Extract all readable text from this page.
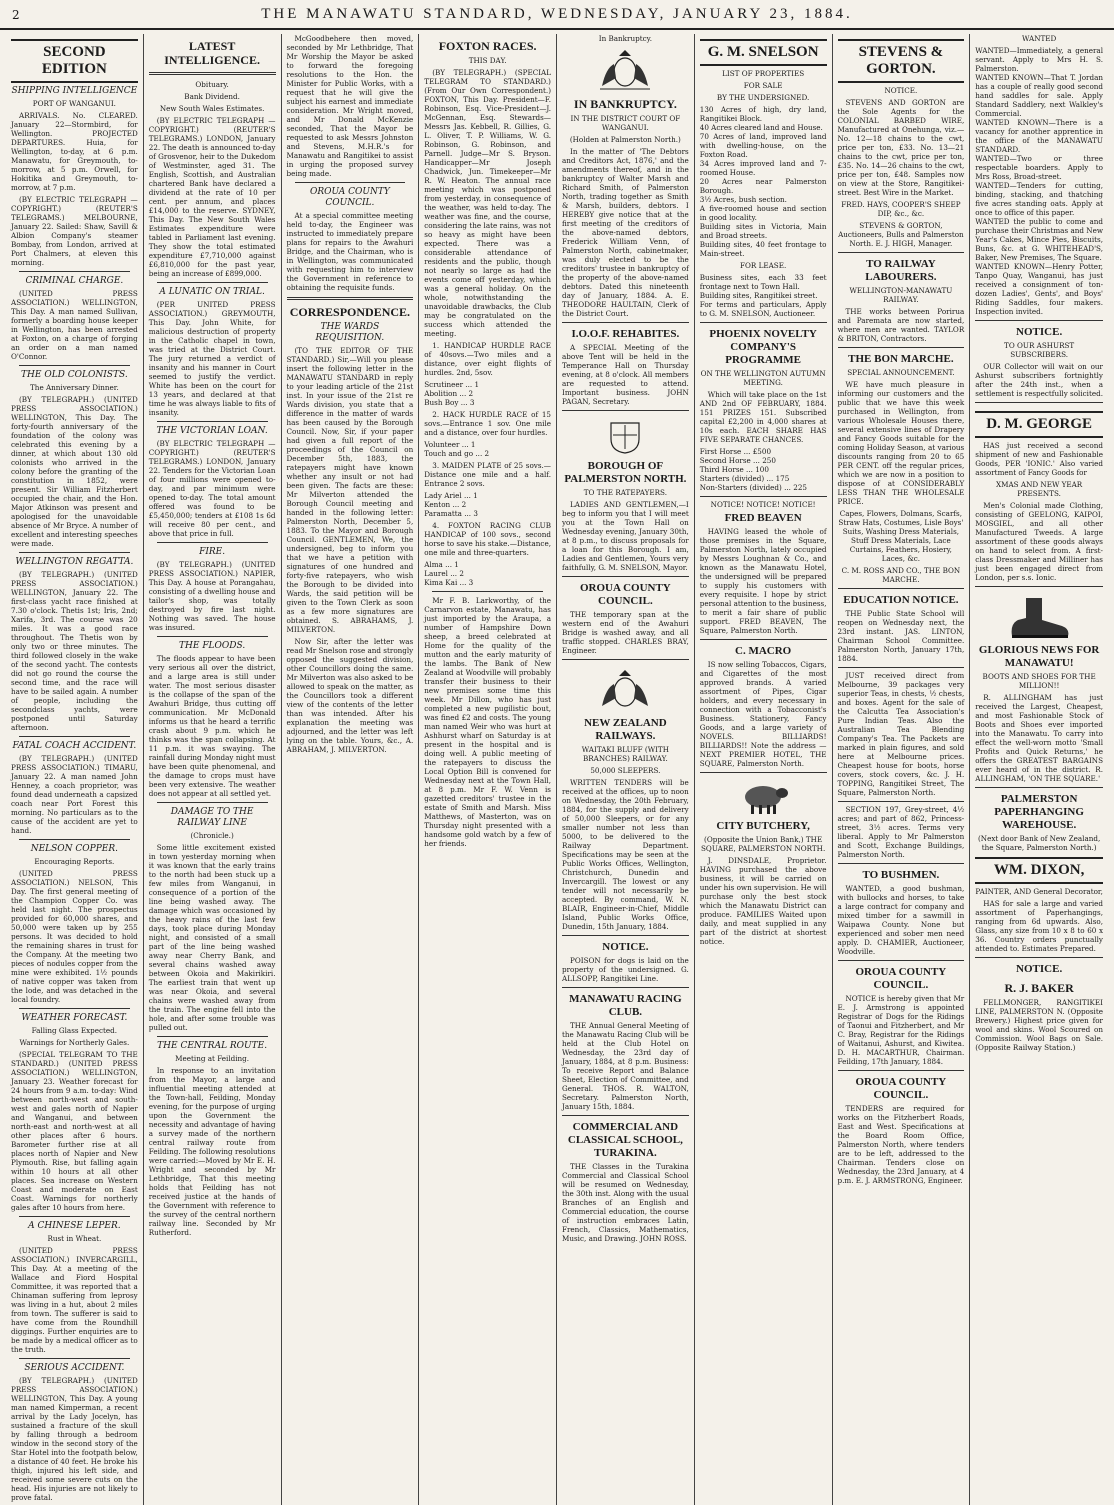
2	THE MANAWATU STANDARD, WEDNESDAY, JANUARY 23, 1884.
SECOND EDITION
SHIPPING INTELLIGENCE

PORT OF WANGANUI.

ARRIVALS. No. CLEARED. January 22—Stormbird, for Wellington. PROJECTED DEPARTURES. Huia, for Wellington, to-day, at 6 p.m. Manawatu, for Greymouth, to-morrow, at 5 p.m. Orwell, for Hokitika and Greymouth, to-morrow, at 7 p.m.

(BY ELECTRIC TELEGRAPH — COPYRIGHT.) (REUTER'S TELEGRAMS.) MELBOURNE, January 22. Sailed: Shaw, Savill & Albion Company's steamer Bombay, from London, arrived at Port Chalmers, at eleven this morning.

CRIMINAL CHARGE.

(UNITED PRESS ASSOCIATION.) WELLINGTON, This Day. A man named Sullivan, formerly a boarding house keeper in Wellington, has been arrested at Foxton, on a charge of forging an order on a man named O'Connor.

THE OLD COLONISTS.

The Anniversary Dinner.

(BY TELEGRAPH.) (UNITED PRESS ASSOCIATION.) WELLINGTON, This Day. The forty-fourth anniversary of the foundation of the colony was celebrated this evening by a dinner, at which about 130 old colonists who arrived in the colony before the granting of the constitution in 1852, were present. Sir William Fitzherbert occupied the chair, and the Hon. Major Atkinson was present and apologised for the unavoidable absence of Mr Bryce. A number of excellent and interesting speeches were made.

WELLINGTON REGATTA.

(BY TELEGRAPH.) (UNITED PRESS ASSOCIATION.) WELLINGTON, January 22. The first-class yacht race finished at 7.30 o'clock. Thetis 1st; Iris, 2nd; Xarifa, 3rd. The course was 20 miles. It was a good race throughout. The Thetis won by only two or three minutes. The third followed closely in the wake of the second yacht. The contests did not go round the course the second time, and the race will have to be sailed again. A number of people, including the secondclass yachts, were postponed until Saturday afternoon.

FATAL COACH ACCIDENT.

(BY TELEGRAPH.) (UNITED PRESS ASSOCIATION.) TIMARU, January 22. A man named John Henney, a coach proprietor, was found dead underneath a capsized coach near Port Forest this morning. No particulars as to the cause of the accident are yet to hand.

NELSON COPPER.

Encouraging Reports.

(UNITED PRESS ASSOCIATION.) NELSON, This Day. The first general meeting of the Champion Copper Co. was held last night. The prospectus provided for 60,000 shares, and 50,000 were taken up by 255 persons. It was decided to hold the remaining shares in trust for the Company. At the meeting two pieces of nodules copper from the mine were exhibited. 1½ pounds of native copper was taken from the lode, and was detached in the local foundry.

WEATHER FORECAST.

Falling Glass Expected.

Warnings for Northerly Gales.

(SPECIAL TELEGRAM TO THE STANDARD.) (UNITED PRESS ASSOCIATION.) WELLINGTON, January 23. Weather forecast for 24 hours from 9 a.m. to-day: Wind between north-west and south-west and gales north of Napier and Wanganui, and between north-east and north-west at all other places after 6 hours. Barometer further rise at all places north of Napier and New Plymouth. Rise, but falling again within 10 hours at all other places. Sea increase on Western Coast and moderate on East Coast. Warnings for northerly gales after 10 hours from here.

A CHINESE LEPER.

Rust in Wheat.

(UNITED PRESS ASSOCIATION.) INVERCARGILL, This Day. At a meeting of the Wallace and Fiord Hospital Committee, it was reported that a Chinaman suffering from leprosy was living in a hut, about 2 miles from town. The sufferer is said to have come from the Roundhill diggings. Further enquiries are to be made by a medical officer as to the truth.

SERIOUS ACCIDENT.

(BY TELEGRAPH.) (UNITED PRESS ASSOCIATION.) WELLINGTON, This Day. A young man named Kimperman, a recent arrival by the Lady Jocelyn, has sustained a fracture of the skull by falling through a bedroom window in the second story of the Star Hotel into the footpath below, a distance of 40 feet. He broke his thigh, injured his left side, and received some severe cuts on the head. His injuries are not likely to prove fatal.

LATEST INTELLIGENCE.

Obituary.

Bank Dividend.

New South Wales Estimates.

(BY ELECTRIC TELEGRAPH — COPYRIGHT.) (REUTER'S TELEGRAMS.) LONDON, January 22. The death is announced to-day of Grosvenor, heir to the Dukedom of Westminster, aged 31. The English, Scottish, and Australian chartered Bank have declared a dividend at the rate of 10 per cent. per annum, and places £14,000 to the reserve. SYDNEY, This Day. The New South Wales Estimates expenditure were tabled in Parliament last evening. They show the total estimated expenditure £7,710,000 against £6,810,000 for the past year, being an increase of £899,000.

A LUNATIC ON TRIAL.

(PER UNITED PRESS ASSOCIATION.) GREYMOUTH, This Day. John White, for malicious destruction of property in the Catholic chapel in town, was tried at the District Court. The jury returned a verdict of insanity and his manner in Court seemed to justify the verdict. White has been on the court for 13 years, and declared at that time he was always liable to fits of insanity.

THE VICTORIAN LOAN.

(BY ELECTRIC TELEGRAPH — COPYRIGHT.) (REUTER'S TELEGRAMS.) LONDON, January 22. Tenders for the Victorian Loan of four millions were opened to-day, and par minimum were opened to-day. The total amount offered was found to be £5,450,000; tenders at £108 1s 6d will receive 80 per cent., and above that price in full.

FIRE.

(BY TELEGRAPH.) (UNITED PRESS ASSOCIATION.) NAPIER, This Day. A house at Porangahau, consisting of a dwelling house and tailor's shop, was totally destroyed by fire last night. Nothing was saved. The house was insured.

THE FLOODS.

The floods appear to have been very serious all over the district, and a large area is still under water. The most serious disaster is the collapse of the span of the Awahuri Bridge, thus cutting off communication. Mr McDonald informs us that he heard a terrific crash about 9 p.m. which he thinks was the span collapsing. At 11 p.m. it was swaying. The rainfall during Monday night must have been quite phenomenal, and the damage to crops must have been very extensive. The weather does not appear at all settled yet.

DAMAGE TO THE RAILWAY LINE

(Chronicle.)

Some little excitement existed in town yesterday morning when it was known that the early trains to the north had been stuck up a few miles from Wanganui, in consequence of a portion of the line being washed away. The damage which was occasioned by the heavy rains of the last few days, took place during Monday night, and consisted of a small part of the line being washed away near Cherry Bank, and several chains washed away between Okoia and Makirikiri. The earliest train that went up was near Okoia, and several chains were washed away from the train. The engine fell into the hole, and after some trouble was pulled out.

THE CENTRAL ROUTE.

Meeting at Feilding.

In response to an invitation from the Mayor, a large and influential meeting attended at the Town-hall, Feilding, Monday evening, for the purpose of urging upon the Government the necessity and advantage of having a survey made of the northern central railway route from Feilding. The following resolutions were carried:—Moved by Mr E. H. Wright and seconded by Mr Lethbridge, That this meeting holds that Feilding has not received justice at the hands of the Government with reference to the survey of the central northern railway line. Seconded by Mr Rutherford.

McGoodbehere then moved, seconded by Mr Lethbridge, That Mr Worship the Mayor be asked to forward the foregoing resolutions to the Hon. the Minister for Public Works, with a request that he will give the subject his earnest and immediate consideration. Mr Wright moved, and Mr Donald McKenzie seconded, That the Mayor be requested to ask Messrs Johnston and Stevens, M.H.R.'s for Manawatu and Rangitikei to assist in urging the proposed survey being made.

OROUA COUNTY COUNCIL.

At a special committee meeting held to-day, the Engineer was instructed to immediately prepare plans for repairs to the Awahuri Bridge, and the Chairman, who is in Wellington, was communicated with requesting him to interview the Government in reference to obtaining the requisite funds.

CORRESPONDENCE.
THE WARDS REQUISITION.

(TO THE EDITOR OF THE STANDARD.) Sir,—Will you please insert the following letter in the MANAWATU STANDARD in reply to your leading article of the 21st inst. In your issue of the 21st re Wards division, you state that a difference in the matter of wards has been caused by the Borough Council. Now, Sir, if your paper had given a full report of the proceedings of the Council on December 5th, 1883, the ratepayers might have known whether any insult or not had been given. The facts are these: Mr Milverton attended the Borough Council meeting and handed in the following letter: Palmerston North, December 5, 1883. To the Mayor and Borough Council. GENTLEMEN, We, the undersigned, beg to inform you that we have a petition with signatures of one hundred and forty-five ratepayers, who wish the Borough to be divided into Wards, the said petition will be given to the Town Clerk as soon as a few more signatures are obtained. S. ABRAHAMS, J. MILVERTON.

Now Sir, after the letter was read Mr Snelson rose and strongly opposed the suggested division, other Councillors doing the same. Mr Milverton was also asked to be allowed to speak on the matter, as the Councillors took a different view of the contents of the letter than was intended. After his explanation the meeting was adjourned, and the letter was left lying on the table. Yours, &c., A. ABRAHAM, J. MILVERTON.

FOXTON RACES.

THIS DAY.

(BY TELEGRAPH.) (SPECIAL TELEGRAM TO STANDARD.) (From Our Own Correspondent.) FOXTON, This Day. President—F. Robinson, Esq. Vice-President—J. McGennan, Esq. Stewards—Messrs Jas. Kebbell, R. Gillies, G. L. Oliver, T. P. Williams, W. G. Robinson, G. Robinson, and Parnell. Judge—Mr S. Bryson. Handicapper—Mr Joseph Chadwick, Jun. Timekeeper—Mr R. W. Heaton. The annual race meeting which was postponed from yesterday, in consequence of the weather, was held to-day. The weather was fine, and the course, considering the late rains, was not so heavy as might have been expected. There was a considerable attendance of residents and the public, though not nearly so large as had the events come off yesterday, which was a general holiday. On the whole, notwithstanding the unavoidable drawbacks, the Club may be congratulated on the success which attended the meeting.

1. HANDICAP HURDLE RACE of 40sovs.—Two miles and a distance, over eight flights of hurdles. 2nd, 5sov.

Scrutineer ... 1
Abolition ... 2
Bush Boy ... 3

2. HACK HURDLE RACE of 15 sovs.—Entrance 1 sov. One mile and a distance, over four hurdles.

Volunteer ... 1
Touch and go ... 2

3. MAIDEN PLATE of 25 sovs.—Distance one mile and a half. Entrance 2 sovs.

Lady Ariel ... 1
Kenton ... 2
Paramatta ... 3

4. FOXTON RACING CLUB HANDICAP of 100 sovs., second horse to save his stake.—Distance, one mile and three-quarters.

Alma ... 1
Laurel ... 2
Kima Kai ... 3

Mr F. B. Larkworthy, of the Carnarvon estate, Manawatu, has just imported by the Araupa, a number of Hampshire Down sheep, a breed celebrated at Home for the quality of the mutton and the early maturity of the lambs. The Bank of New Zealand at Woodville will probably transfer their business to their new premises some time this week. Mr Dillon, who has just completed a new pugilistic bout, was fined £2 and costs. The young man named Weir who was hurt at Ashhurst wharf on Saturday is at present in the hospital and is doing well. A public meeting of the ratepayers to discuss the Local Option Bill is convened for Wednesday next at the Town Hall, at 8 p.m. Mr F. W. Venn is gazetted creditors' trustee in the estate of Smith and Marsh. Miss Matthews, of Masterton, was on Thursday night presented with a handsome gold watch by a few of her friends.

In Bankruptcy.

IN BANKRUPTCY.

IN THE DISTRICT COURT OF WANGANUI.

(Holden at Palmerston North.)

In the matter of 'The Debtors and Creditors Act, 1876,' and the amendments thereof, and in the bankruptcy of Walter Marsh and Richard Smith, of Palmerston North, trading together as Smith & Marsh, builders, debtors. I HEREBY give notice that at the first meeting of the creditors of the above-named debtors, Frederick William Venn, of Palmerston North, cabinetmaker, was duly elected to be the creditors' trustee in bankruptcy of the property of the above-named debtors. Dated this nineteenth day of January, 1884. A. E. THEODORE HAULTAIN, Clerk of the District Court.

I.O.O.F. REHABITES.

A SPECIAL Meeting of the above Tent will be held in the Temperance Hall on Thursday evening, at 8 o'clock. All members are requested to attend. Important business. JOHN PAGAN, Secretary.

BOROUGH OF PALMERSTON NORTH.

TO THE RATEPAYERS.

LADIES AND GENTLEMEN,—I beg to inform you that I will meet you at the Town Hall on Wednesday evening, January 30th, at 8 p.m., to discuss proposals for a loan for this Borough. I am, Ladies and Gentlemen, Yours very faithfully, G. M. SNELSON, Mayor.

OROUA COUNTY COUNCIL.

THE temporary span at the western end of the Awahuri Bridge is washed away, and all traffic stopped. CHARLES BRAY, Engineer.

NEW ZEALAND RAILWAYS.

WAITAKI BLUFF (WITH BRANCHES) RAILWAY.

50,000 SLEEPERS.

WRITTEN TENDERS will be received at the offices, up to noon on Wednesday, the 20th February, 1884, for the supply and delivery of 50,000 Sleepers, or for any smaller number not less than 5000, to be delivered to the Railway Department. Specifications may be seen at the Public Works Offices, Wellington, Christchurch, Dunedin and Invercargill. The lowest or any tender will not necessarily be accepted. By command, W. N. BLAIR, Engineer-in-Chief, Middle Island, Public Works Office, Dunedin, 15th January, 1884.

NOTICE.

POISON for dogs is laid on the property of the undersigned. G. ALLSOPP, Rangitikei Line.

MANAWATU RACING CLUB.

THE Annual General Meeting of the Manawatu Racing Club will be held at the Club Hotel on Wednesday, the 23rd day of January, 1884, at 8 p.m. Business: To receive Report and Balance Sheet, Election of Committee, and General. THOS. R. WALTON, Secretary. Palmerston North, January 15th, 1884.

COMMERCIAL AND CLASSICAL SCHOOL, TURAKINA.

THE Classes in the Turakina Commercial and Classical School will be resumed on Wednesday, the 30th inst. Along with the usual Branches of an English and Commercial education, the course of instruction embraces Latin, French, Classics, Mathematics, Music, and Drawing. JOHN ROSS.

G. M. SNELSON

LIST OF PROPERTIES

FOR SALE

BY THE UNDERSIGNED.

130 Acres of high, dry land, Rangitikei Block.
40 Acres cleared land and House.
70 Acres of land, improved land with dwelling-house, on the Foxton Road.
34 Acres improved land and 7-roomed House.
20 Acres near Palmerston Borough.
3½ Acres, bush section.
A five-roomed house and section in good locality.
Building sites in Victoria, Main and Broad streets.
Building sites, 40 feet frontage to Main-street.

FOR LEASE.

Business sites, each 33 feet frontage next to Town Hall.
Building sites, Rangitikei street.
For terms and particulars, Apply to G. M. SNELSON, Auctioneer.

PHOENIX NOVELTY COMPANY'S PROGRAMME

ON THE WELLINGTON AUTUMN MEETING.

Which will take place on the 1st AND 2nd OF FEBRUARY, 1884. 151 PRIZES 151. Subscribed capital £2,200 in 4,000 shares at 10s each. EACH SHARE HAS FIVE SEPARATE CHANCES.

First Horse ... £500
Second Horse ... 250
Third Horse ... 100
Starters (divided) ... 175
Non-Starters (divided) ... 225

NOTICE! NOTICE! NOTICE!

FRED BEAVEN

HAVING leased the whole of those premises in the Square, Palmerston North, lately occupied by Messrs Loughnan & Co., and known as the Manawatu Hotel, the undersigned will be prepared to supply his customers with every requisite. I hope by strict personal attention to the business, to merit a fair share of public support. FRED BEAVEN, The Square, Palmerston North.

C. MACRO

IS now selling Tobaccos, Cigars, and Cigarettes of the most approved brands. A varied assortment of Pipes, Cigar holders, and every necessary in connection with a Tobacconist's Business. Stationery, Fancy Goods, and a large variety of NOVELS. BILLIARDS! BILLIARDS!! Note the address — NEXT PREMIER HOTEL, THE SQUARE, Palmerston North.

CITY BUTCHERY,

(Opposite the Union Bank,) THE SQUARE, PALMERSTON NORTH.

J. DINSDALE, Proprietor. HAVING purchased the above business, it will be carried on under his own supervision. He will purchase only the best stock which the Manawatu District can produce. FAMILIES Waited upon daily, and meat supplied in any part of the district at shortest notice.

STEVENS & GORTON.

NOTICE.

STEVENS AND GORTON are the Sole Agents for the COLONIAL BARBED WIRE, Manufactured at Onehunga, viz.— No. 12—18 chains to the cwt, price per ton, £33. No. 13—21 chains to the cwt, price per ton, £35. No. 14—26 chains to the cwt, price per ton, £48. Samples now on view at the Store, Rangitikei-street. Best Wire in the Market.

FRED. HAYS, COOPER'S SHEEP DIP, &c., &c.

STEVENS & GORTON, Auctioneers, Bulls and Palmerston North. E. J. HIGH, Manager.

TO RAILWAY LABOURERS.

WELLINGTON-MANAWATU RAILWAY.

THE works between Porirua and Paremata are now started, where men are wanted. TAYLOR & BRITON, Contractors.

THE BON MARCHE.

SPECIAL ANNOUNCEMENT.

WE have much pleasure in informing our customers and the public that we have this week purchased in Wellington, from various Wholesale Houses there, several extensive lines of Drapery and Fancy Goods suitable for the coming Holiday Season, at various discounts ranging from 20 to 65 PER CENT. off the regular prices, which we are now in a position to dispose of at CONSIDERABLY LESS THAN THE WHOLESALE PRICE.

Capes, Flowers, Dolmans, Scarfs, Straw Hats, Costumes, Lisle Boys' Suits, Washing Dress Materials, Stuff Dress Materials, Lace Curtains, Feathers, Hosiery, Laces, &c.

C. M. ROSS AND CO., THE BON MARCHE.

EDUCATION NOTICE.

THE Public State School will reopen on Wednesday next, the 23rd instant. JAS. LINTON, Chairman School Committee. Palmerston North, January 17th, 1884.

JUST received direct from Melbourne, 39 packages very superior Teas, in chests, ½ chests, and boxes. Agent for the sale of the Calcutta Tea Association's Pure Indian Teas. Also the Australian Tea Blending Company's Tea. The Packets are marked in plain figures, and sold here at Melbourne prices. Cheapest house for boots, horse covers, stock covers, &c. J. H. TOPPING, Rangitikei Street, The Square, Palmerston North.

SECTION 197, Grey-street, 4½ acres; and part of 862, Princess-street, 3½ acres. Terms very liberal. Apply to Mr Palmerston and Scott, Exchange Buildings, Palmerston North.

TO BUSHMEN.

WANTED, a good bushman, with bullocks and horses, to take a large contract for company and mixed timber for a sawmill in Waipawa County. None but experienced and sober men need apply. D. CHAMIER, Auctioneer, Woodville.

OROUA COUNTY COUNCIL.

NOTICE is hereby given that Mr E. J. Armstrong is appointed Registrar of Dogs for the Ridings of Taonui and Fitzherbert, and Mr C. Bray, Registrar for the Ridings of Waitanui, Ashurst, and Kiwitea. D. H. MACARTHUR, Chairman. Feilding, 17th January, 1884.

OROUA COUNTY COUNCIL.

TENDERS are required for works on the Fitzherbert Roads, East and West. Specifications at the Board Room Office, Palmerston North, where tenders are to be left, addressed to the Chairman. Tenders close on Wednesday, the 23rd January, at 4 p.m. E. J. ARMSTRONG, Engineer.

WANTED

WANTED—Immediately, a general servant. Apply to Mrs H. S. Palmerston.
WANTED KNOWN—That T. Jordan has a couple of really good second hand saddles for sale. Apply Standard Saddlery, next Walkley's Commercial.
WANTED KNOWN—There is a vacancy for another apprentice in the office of the MANAWATU STANDARD.
WANTED—Two or three respectable boarders. Apply to Mrs Ross, Broad-street.
WANTED—Tenders for cutting, binding, stacking, and thatching five acres standing oats. Apply at once to office of this paper.
WANTED the public to come and purchase their Christmas and New Year's Cakes, Mince Pies, Biscuits, Buns, &c. at G. WHITEHEAD'S, Baker, New Premises, The Square.
WANTED KNOWN—Henry Potter, Tanpo Quay, Wanganui, has just received a consignment of ton-dozen Ladies', Gents', and Boys' Riding Saddles, four makers. Inspection invited.

NOTICE.

TO OUR ASHURST SUBSCRIBERS.

OUR Collector will wait on our Ashurst subscribers fortnightly after the 24th inst., when a settlement is respectfully solicited.

D. M. GEORGE

HAS just received a second shipment of new and Fashionable Goods, PER 'IONIC.' Also varied assortment of Fancy Goods for

XMAS AND NEW YEAR PRESENTS.

Men's Colonial made Clothing, consisting of GEELONG, KAIPOI, MOSGIEL, and all other Manufactured Tweeds. A large assortment of these goods always on hand to select from. A first-class Dressmaker and Milliner has just been engaged direct from London, per s.s. Ionic.

GLORIOUS NEWS FOR MANAWATU!

BOOTS AND SHOES FOR THE MILLION!!

R. ALLINGHAM has just received the Largest, Cheapest, and most Fashionable Stock of Boots and Shoes ever imported into the Manawatu. To carry into effect the well-worn motto 'Small Profits and Quick Returns,' he offers the GREATEST BARGAINS ever heard of in the district. R. ALLINGHAM, 'ON THE SQUARE.'

PALMERSTON PAPERHANGING WAREHOUSE.

(Next door Bank of New Zealand, the Square, Palmerston North.)

WM. DIXON,

PAINTER, AND General Decorator,

HAS for sale a large and varied assortment of Paperhangings, ranging from 6d upwards. Also, Glass, any size from 10 x 8 to 60 x 36. Country orders punctually attended to. Estimates Prepared.

NOTICE.
R. J. BAKER

FELLMONGER, RANGITIKEI LINE, PALMERSTON N. (Opposite Brewery.) Highest price given for wool and skins. Wool Scoured on Commission. Wool Bags on Sale. (Opposite Railway Station.)
